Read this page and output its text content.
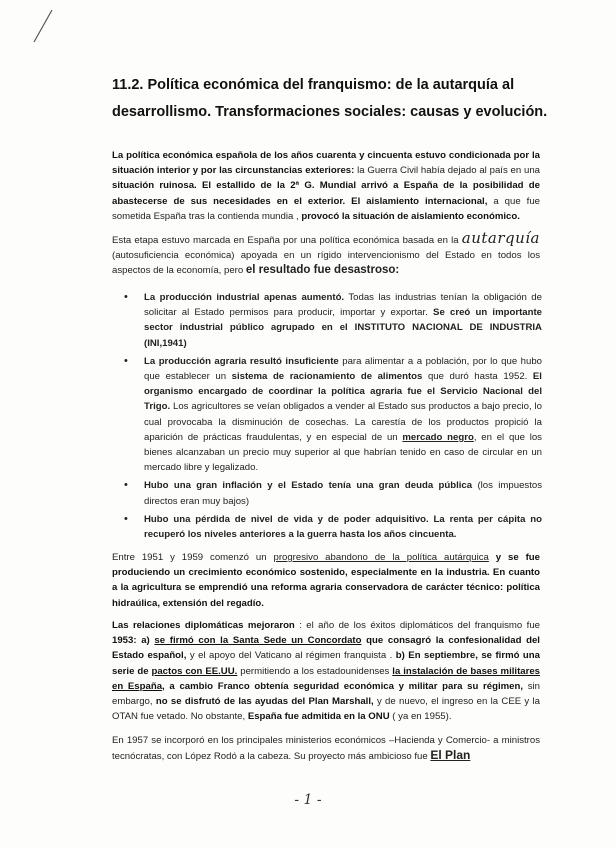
11.2. Política económica del franquismo: de la autarquía al
desarrollismo. Transformaciones sociales: causas y evolución.
La política económica española de los años cuarenta y cincuenta estuvo condicionada por la situación interior y por las circunstancias exteriores: la Guerra Civil había dejado al país en una situación ruinosa. El estallido de la 2ª G. Mundial arrivó a España de la posibilidad de abastecerse de sus necesidades en el exterior. El aislamiento internacional, a que fue sometida España tras la contienda mundia , provocó la situación de aislamiento económico.
Esta etapa estuvo marcada en España por una política económica basada en la autarquía (autosuficiencia económica) apoyada en un rígido intervencionismo del Estado en todos los aspectos de la economía, pero el resultado fue desastroso:
• La producción industrial apenas aumentó. Todas las industrias tenían la obligación de solicitar al Estado permisos para producir, importar y exportar. Se creó un importante sector industrial público agrupado en el INSTITUTO NACIONAL DE INDUSTRIA (INI,1941)
• La producción agraria resultó insuficiente para alimentar a a población, por lo que hubo que establecer un sistema de racionamiento de alimentos que duró hasta 1952. El organismo encargado de coordinar la política agraria fue el Servicio Nacional del Trigo. Los agricultores se veían obligados a vender al Estado sus productos a bajo precio, lo cual provocaba la disminución de cosechas. La carestía de los productos propició la aparición de prácticas fraudulentas, y en especial de un mercado negro, en el que los bienes alcanzaban un precio muy superior al que habrían tenido en caso de circular en un mercado libre y legalizado.
• Hubo una gran inflación y el Estado tenía una gran deuda pública (los impuestos directos eran muy bajos)
• Hubo una pérdida de nivel de vida y de poder adquisitivo. La renta per cápita no recuperó los niveles anteriores a la guerra hasta los años cincuenta.
Entre 1951 y 1959 comenzó un progresivo abandono de la política autárquica y se fue produciendo un crecimiento económico sostenido, especialmente en la industria. En cuanto a la agricultura se emprendió una reforma agraria conservadora de carácter técnico: política hidraúlica, extensión del regadío.
Las relaciones diplomáticas mejoraron : el año de los éxitos diplomáticos del franquismo fue 1953: a) se firmó con la Santa Sede un Concordato que consagró la confesionalidad del Estado español, y el apoyo del Vaticano al régimen franquista . b) En septiembre, se firmó una serie de pactos con EE.UU. permitiendo a los estadounidenses la instalación de bases militares en España, a cambio Franco obtenía seguridad económica y militar para su régimen, sin embargo, no se disfrutó de las ayudas del Plan Marshall, y de nuevo, el ingreso en la CEE y la OTAN fue vetado. No obstante, España fue admitida en la ONU ( ya en 1955).
En 1957 se incorporó en los principales ministerios económicos –Hacienda y Comercio- a ministros tecnócratas, con López Rodó a la cabeza. Su proyecto más ambicioso fue El Plan
- 1 -
